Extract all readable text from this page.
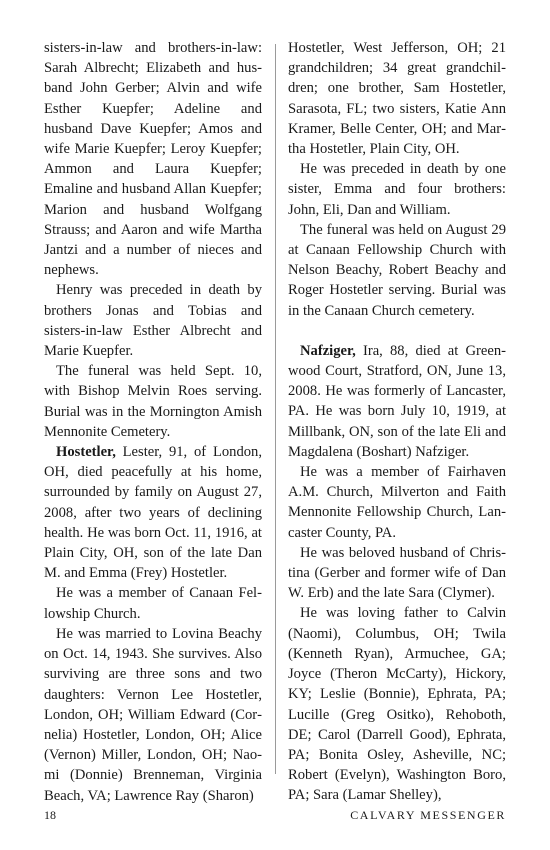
sisters-in-law and brothers-in-law: Sarah Albrecht; Elizabeth and husband John Gerber; Alvin and wife Esther Kuepfer; Adeline and husband Dave Kuepfer; Amos and wife Marie Kuepfer; Leroy Kuepfer; Ammon and Laura Kuepfer; Emaline and husband Allan Kuepfer; Marion and husband Wolfgang Strauss; and Aaron and wife Martha Jantzi and a number of nieces and nephews.

Henry was preceded in death by brothers Jonas and Tobias and sisters-in-law Esther Albrecht and Marie Kuepfer.

The funeral was held Sept. 10, with Bishop Melvin Roes serving. Burial was in the Mornington Amish Mennonite Cemetery.

Hostetler, Lester, 91, of London, OH, died peacefully at his home, surrounded by family on August 27, 2008, after two years of declining health. He was born Oct. 11, 1916, at Plain City, OH, son of the late Dan M. and Emma (Frey) Hostetler.

He was a member of Canaan Fellowship Church.

He was married to Lovina Beachy on Oct. 14, 1943. She survives. Also surviving are three sons and two daughters: Vernon Lee Hostetler, London, OH; William Edward (Cornelia) Hostetler, London, OH; Alice (Vernon) Miller, London, OH; Naomi (Donnie) Brenneman, Virginia Beach, VA; Lawrence Ray (Sharon)

Hostetler, West Jefferson, OH; 21 grandchildren; 34 great grandchildren; one brother, Sam Hostetler, Sarasota, FL; two sisters, Katie Ann Kramer, Belle Center, OH; and Martha Hostetler, Plain City, OH.

He was preceded in death by one sister, Emma and four brothers: John, Eli, Dan and William.

The funeral was held on August 29 at Canaan Fellowship Church with Nelson Beachy, Robert Beachy and Roger Hostetler serving. Burial was in the Canaan Church cemetery.

Nafziger, Ira, 88, died at Greenwood Court, Stratford, ON, June 13, 2008. He was formerly of Lancaster, PA. He was born July 10, 1919, at Millbank, ON, son of the late Eli and Magdalena (Boshart) Nafziger.

He was a member of Fairhaven A.M. Church, Milverton and Faith Mennonite Fellowship Church, Lancaster County, PA.

He was beloved husband of Christina (Gerber and former wife of Dan W. Erb) and the late Sara (Clymer).

He was loving father to Calvin (Naomi), Columbus, OH; Twila (Kenneth Ryan), Armuchee, GA; Joyce (Theron McCarty), Hickory, KY; Leslie (Bonnie), Ephrata, PA; Lucille (Greg Ositko), Rehoboth, DE; Carol (Darrell Good), Ephrata, PA; Bonita Osley, Asheville, NC; Robert (Evelyn), Washington Boro, PA; Sara (Lamar Shelley),

18	CALVARY MESSENGER
